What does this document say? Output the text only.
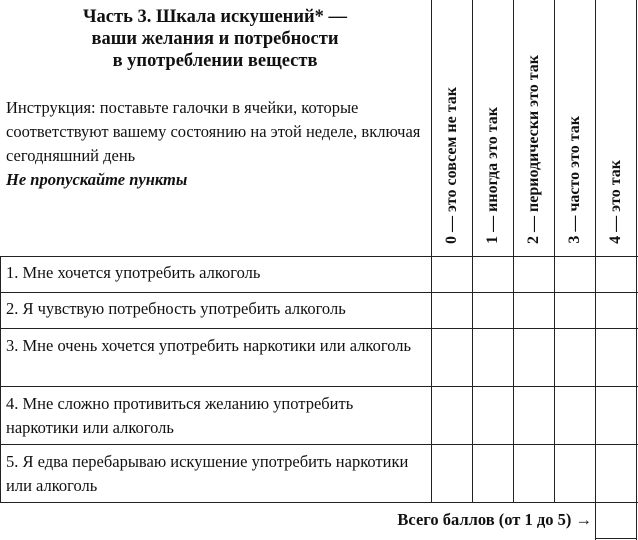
Часть 3. Шкала искушений* —
ваши желания и потребности
в употреблении веществ
Инструкция: поставьте галочки в ячейки, которые соответствуют вашему состоянию на этой неделе, включая сегодняшний день
Не пропускайте пункты	0 — это совсем не так 1 — иногда это так 2 — периодически это так 3 — часто это так 4 — это так
1. Мне хочется употребить алкоголь
2. Я чувствую потребность употребить алкоголь
3. Мне очень хочется употребить наркотики или алкоголь
4. Мне сложно противиться желанию употребить наркотики или алкоголь
5. Я едва перебарываю искушение употребить наркотики или алкоголь
Всего баллов (от 1 до 5) →
